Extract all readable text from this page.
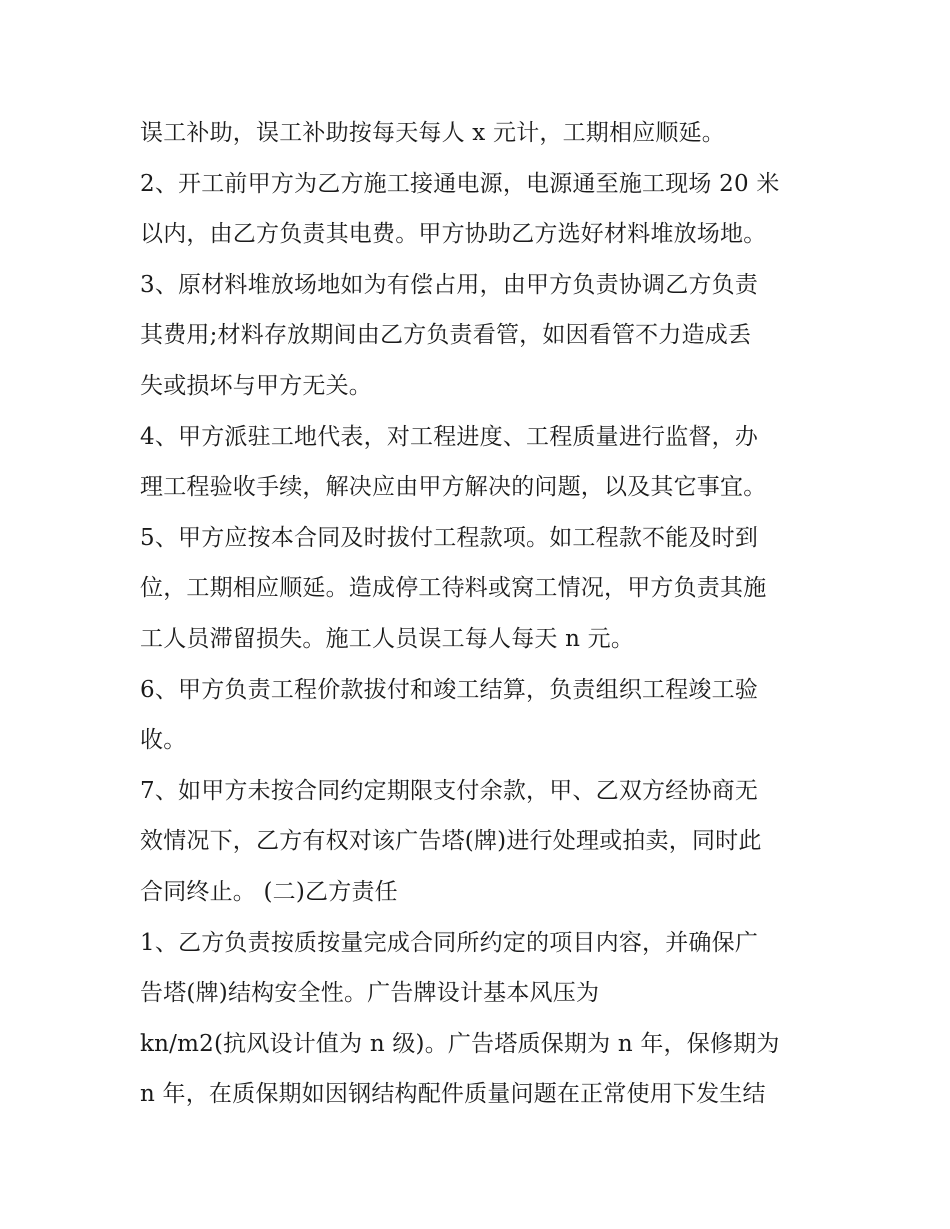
误工补助，误工补助按每天每人 x 元计，工期相应顺延。
2、开工前甲方为乙方施工接通电源，电源通至施工现场 20 米
以内，由乙方负责其电费。甲方协助乙方选好材料堆放场地。
3、原材料堆放场地如为有偿占用，由甲方负责协调乙方负责
其费用;材料存放期间由乙方负责看管，如因看管不力造成丢
失或损坏与甲方无关。
4、甲方派驻工地代表，对工程进度、工程质量进行监督，办
理工程验收手续，解决应由甲方解决的问题，以及其它事宜。
5、甲方应按本合同及时拔付工程款项。如工程款不能及时到
位，工期相应顺延。造成停工待料或窝工情况，甲方负责其施
工人员滞留损失。施工人员误工每人每天 n 元。
6、甲方负责工程价款拔付和竣工结算，负责组织工程竣工验
收。
7、如甲方未按合同约定期限支付余款，甲、乙双方经协商无
效情况下，乙方有权对该广告塔(牌)进行处理或拍卖，同时此
合同终止。 (二)乙方责任
1、乙方负责按质按量完成合同所约定的项目内容，并确保广
告塔(牌)结构安全性。广告牌设计基本风压为
kn/m2(抗风设计值为 n 级)。广告塔质保期为 n 年，保修期为
n 年，在质保期如因钢结构配件质量问题在正常使用下发生结
